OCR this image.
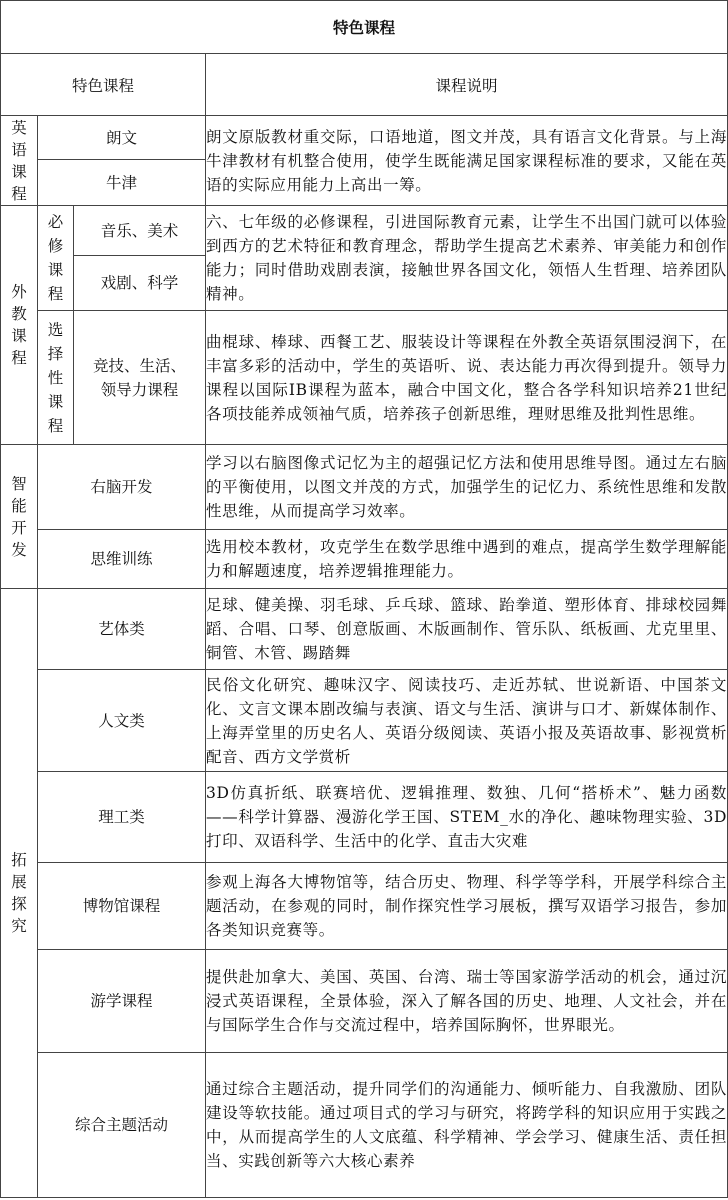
特色课程			
特色课程			课程说明

英语课程	朗文		朗文原版教材重交际，口语地道，图文并茂，具有语言文化背景。与上海牛津教材有机整合使用，使学生既能满足国家课程标准的要求，又能在英语的实际应用能力上高出一筹。
	牛津		

外教课程	必修课程	音乐、美术	六、七年级的必修课程，引进国际教育元素，让学生不出国门就可以体验到西方的艺术特征和教育理念，帮助学生提高艺术素养、审美能力和创作能力；同时借助戏剧表演，接触世界各国文化，领悟人生哲理、培养团队精神。
		戏剧、科学	

	选择性课程	竞技、生活、领导力课程	曲棍球、棒球、西餐工艺、服装设计等课程在外教全英语氛围浸润下，在丰富多彩的活动中，学生的英语听、说、表达能力再次得到提升。领导力课程以国际IB课程为蓝本，融合中国文化，整合各学科知识培养21世纪各项技能养成领袖气质，培养孩子创新思维，理财思维及批判性思维。

智能开发	右脑开发		学习以右脑图像式记忆为主的超强记忆方法和使用思维导图。通过左右脑的平衡使用，以图文并茂的方式，加强学生的记忆力、系统性思维和发散性思维，从而提高学习效率。
	思维训练		选用校本教材，攻克学生在数学思维中遇到的难点，提高学生数学理解能力和解题速度，培养逻辑推理能力。

拓展探究	艺体类		足球、健美操、羽毛球、乒乓球、篮球、跆拳道、塑形体育、排球校园舞蹈、合唱、口琴、创意版画、木版画制作、管乐队、纸板画、尤克里里、铜管、木管、踢踏舞
	人文类		民俗文化研究、趣味汉字、阅读技巧、走近苏轼、世说新语、中国茶文化、文言文课本剧改编与表演、语文与生活、演讲与口才、新媒体制作、上海弄堂里的历史名人、英语分级阅读、英语小报及英语故事、影视赏析配音、西方文学赏析
	理工类		3D仿真折纸、联赛培优、逻辑推理、数独、几何“搭桥术”、魅力函数——科学计算器、漫游化学王国、STEM_水的净化、趣味物理实验、3D打印、双语科学、生活中的化学、直击大灾难
	博物馆课程		参观上海各大博物馆等，结合历史、物理、科学等学科，开展学科综合主题活动，在参观的同时，制作探究性学习展板，撰写双语学习报告，参加各类知识竞赛等。
	游学课程		提供赴加拿大、美国、英国、台湾、瑞士等国家游学活动的机会，通过沉浸式英语课程，全景体验，深入了解各国的历史、地理、人文社会，并在与国际学生合作与交流过程中，培养国际胸怀，世界眼光。
	综合主题活动		通过综合主题活动，提升同学们的沟通能力、倾听能力、自我激励、团队建设等软技能。通过项目式的学习与研究，将跨学科的知识应用于实践之中，从而提高学生的人文底蕴、科学精神、学会学习、健康生活、责任担当、实践创新等六大核心素养
